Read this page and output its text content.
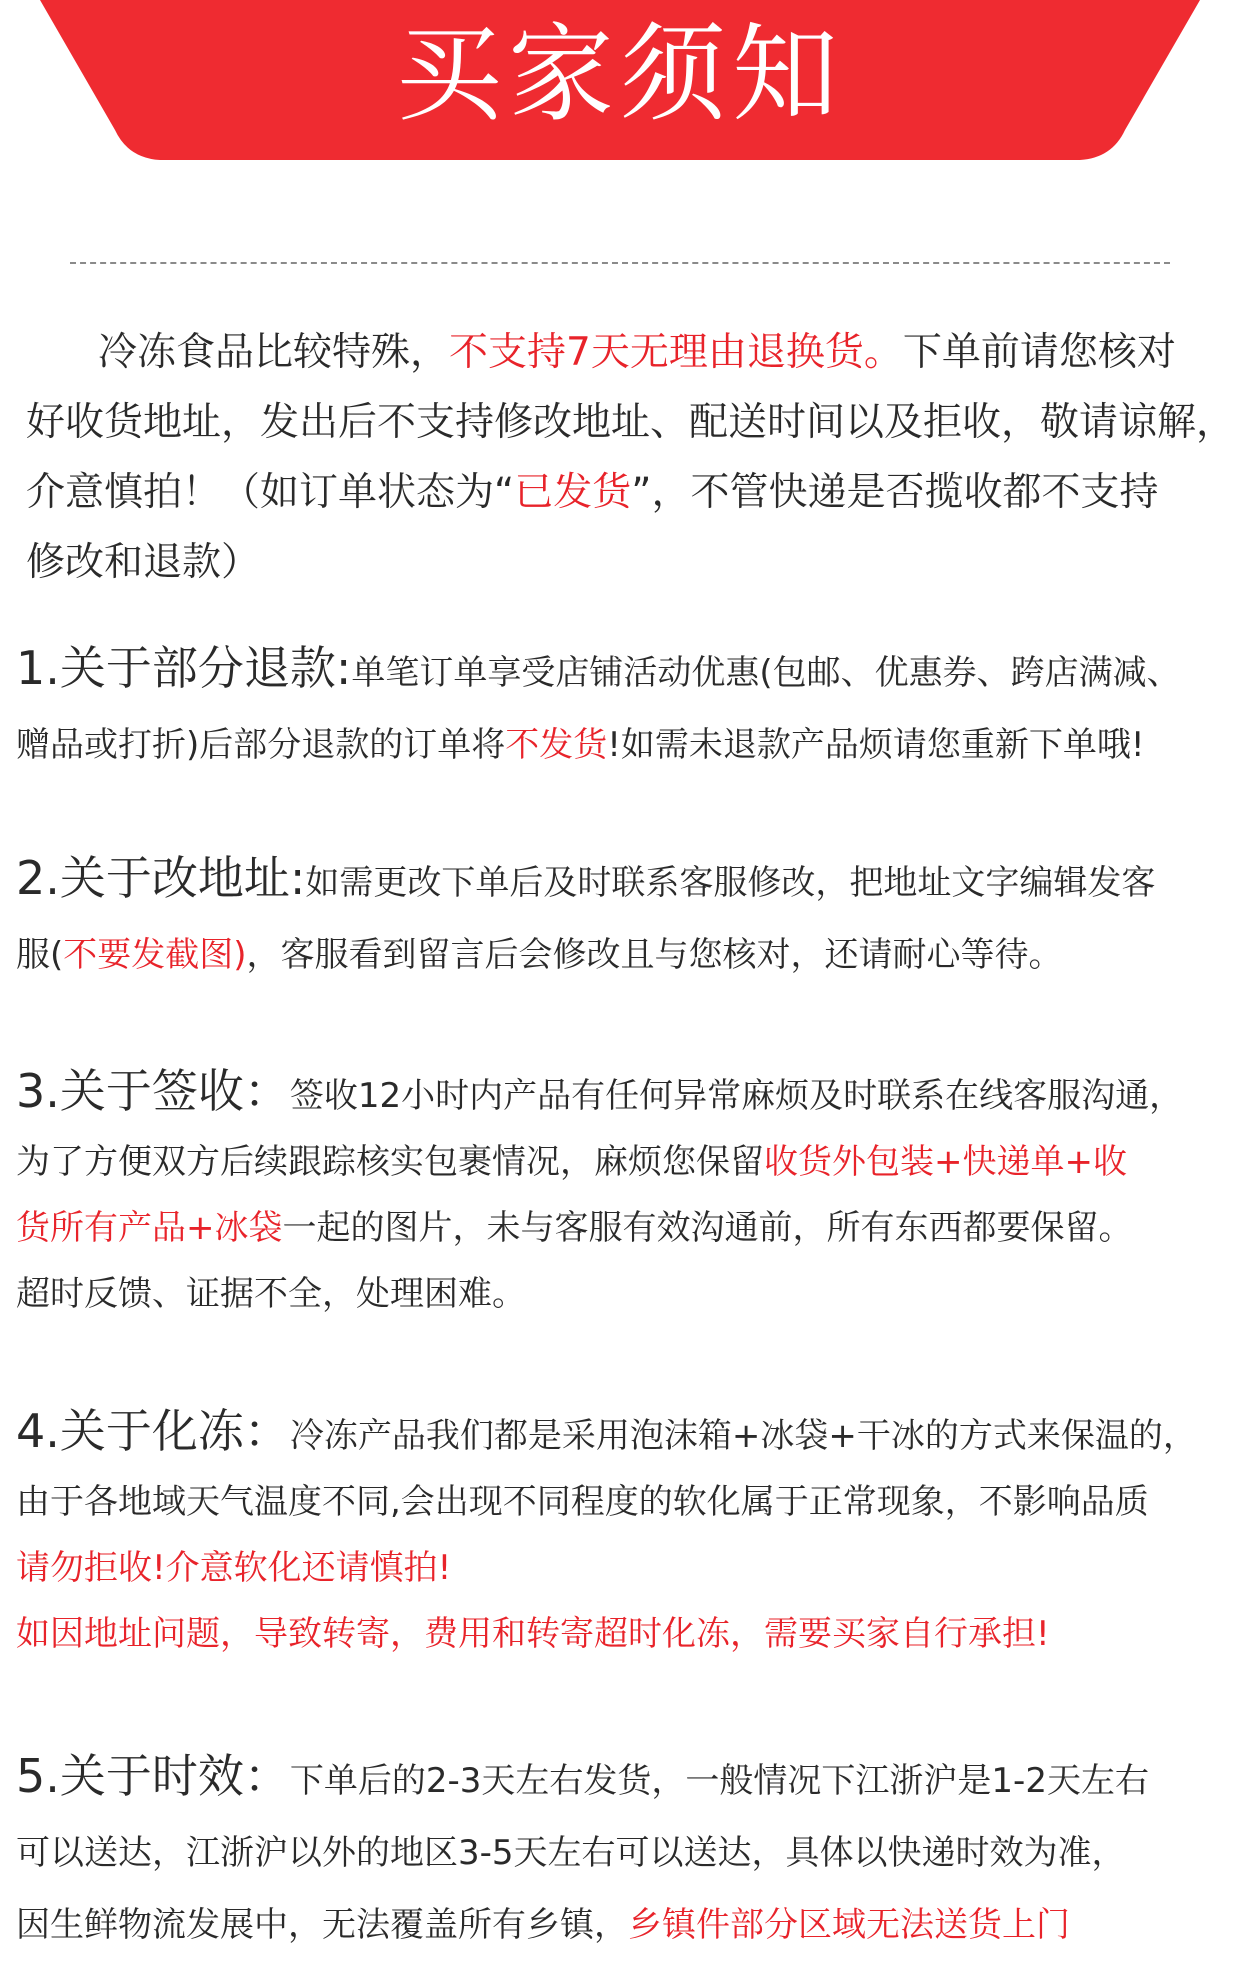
买家须知
冷冻食品比较特殊，不支持7天无理由退换货。下单前请您核对
好收货地址，发出后不支持修改地址、配送时间以及拒收，敬请谅解，
介意慎拍！（如订单状态为“已发货”，不管快递是否揽收都不支持
修改和退款）
1.关于部分退款:单笔订单享受店铺活动优惠(包邮、优惠券、跨店满减、
赠品或打折)后部分退款的订单将不发货!如需未退款产品烦请您重新下单哦!
2.关于改地址:如需更改下单后及时联系客服修改，把地址文字编辑发客
服(不要发截图)，客服看到留言后会修改且与您核对，还请耐心等待。
3.关于签收：签收12小时内产品有任何异常麻烦及时联系在线客服沟通，
为了方便双方后续跟踪核实包裹情况，麻烦您保留收货外包装+快递单+收
货所有产品+冰袋一起的图片，未与客服有效沟通前，所有东西都要保留。
超时反馈、证据不全，处理困难。
4.关于化冻：冷冻产品我们都是采用泡沫箱+冰袋+干冰的方式来保温的，
由于各地域天气温度不同,会出现不同程度的软化属于正常现象，不影响品质
请勿拒收!介意软化还请慎拍!
如因地址问题，导致转寄，费用和转寄超时化冻，需要买家自行承担!
5.关于时效：下单后的2-3天左右发货，一般情况下江浙沪是1-2天左右
可以送达，江浙沪以外的地区3-5天左右可以送达，具体以快递时效为准，
因生鲜物流发展中，无法覆盖所有乡镇，乡镇件部分区域无法送货上门
